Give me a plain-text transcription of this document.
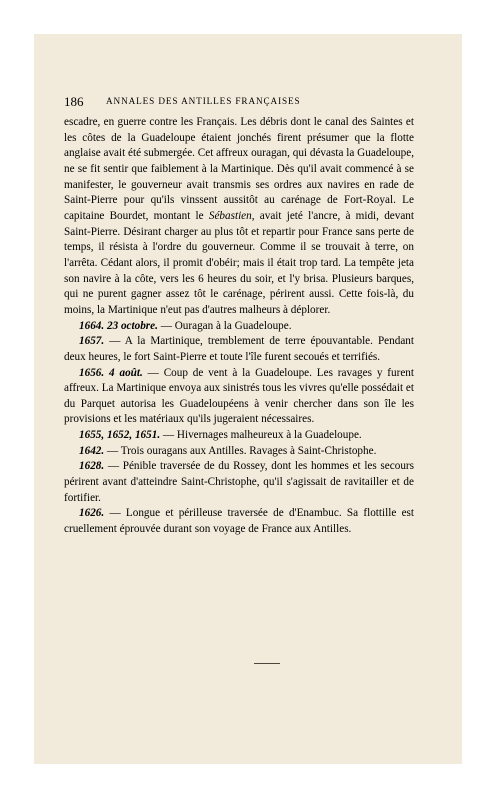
186 ANNALES DES ANTILLES FRANÇAISES

escadre, en guerre contre les Français. Les débris dont le canal des Saintes et les côtes de la Guadeloupe étaient jonchés firent présumer que la flotte anglaise avait été submergée. Cet affreux ouragan, qui dévasta la Guadeloupe, ne se fit sentir que faiblement à la Martinique. Dès qu'il avait commencé à se manifester, le gouverneur avait transmis ses ordres aux navires en rade de Saint-Pierre pour qu'ils vinssent aussitôt au carénage de Fort-Royal. Le capitaine Bourdet, montant le Sébastien, avait jeté l'ancre, à midi, devant Saint-Pierre. Désirant charger au plus tôt et repartir pour France sans perte de temps, il résista à l'ordre du gouverneur. Comme il se trouvait à terre, on l'arrêta. Cédant alors, il promit d'obéir; mais il était trop tard. La tempête jeta son navire à la côte, vers les 6 heures du soir, et l'y brisa. Plusieurs barques, qui ne purent gagner assez tôt le carénage, périrent aussi. Cette fois-là, du moins, la Martinique n'eut pas d'autres malheurs à déplorer.

1664. 23 octobre. — Ouragan à la Guadeloupe.

1657. — A la Martinique, tremblement de terre épouvantable. Pendant deux heures, le fort Saint-Pierre et toute l'île furent secoués et terrifiés.

1656. 4 août. — Coup de vent à la Guadeloupe. Les ravages y furent affreux. La Martinique envoya aux sinistrés tous les vivres qu'elle possédait et du Parquet autorisa les Guadeloupéens à venir chercher dans son île les provisions et les matériaux qu'ils jugeraient nécessaires.

1655, 1652, 1651. — Hivernages malheureux à la Guadeloupe.

1642. — Trois ouragans aux Antilles. Ravages à Saint-Christophe.

1628. — Pénible traversée de du Rossey, dont les hommes et les secours périrent avant d'atteindre Saint-Christophe, qu'il s'agissait de ravitailler et de fortifier.

1626. — Longue et périlleuse traversée de d'Enambuc. Sa flottille est cruellement éprouvée durant son voyage de France aux Antilles.
